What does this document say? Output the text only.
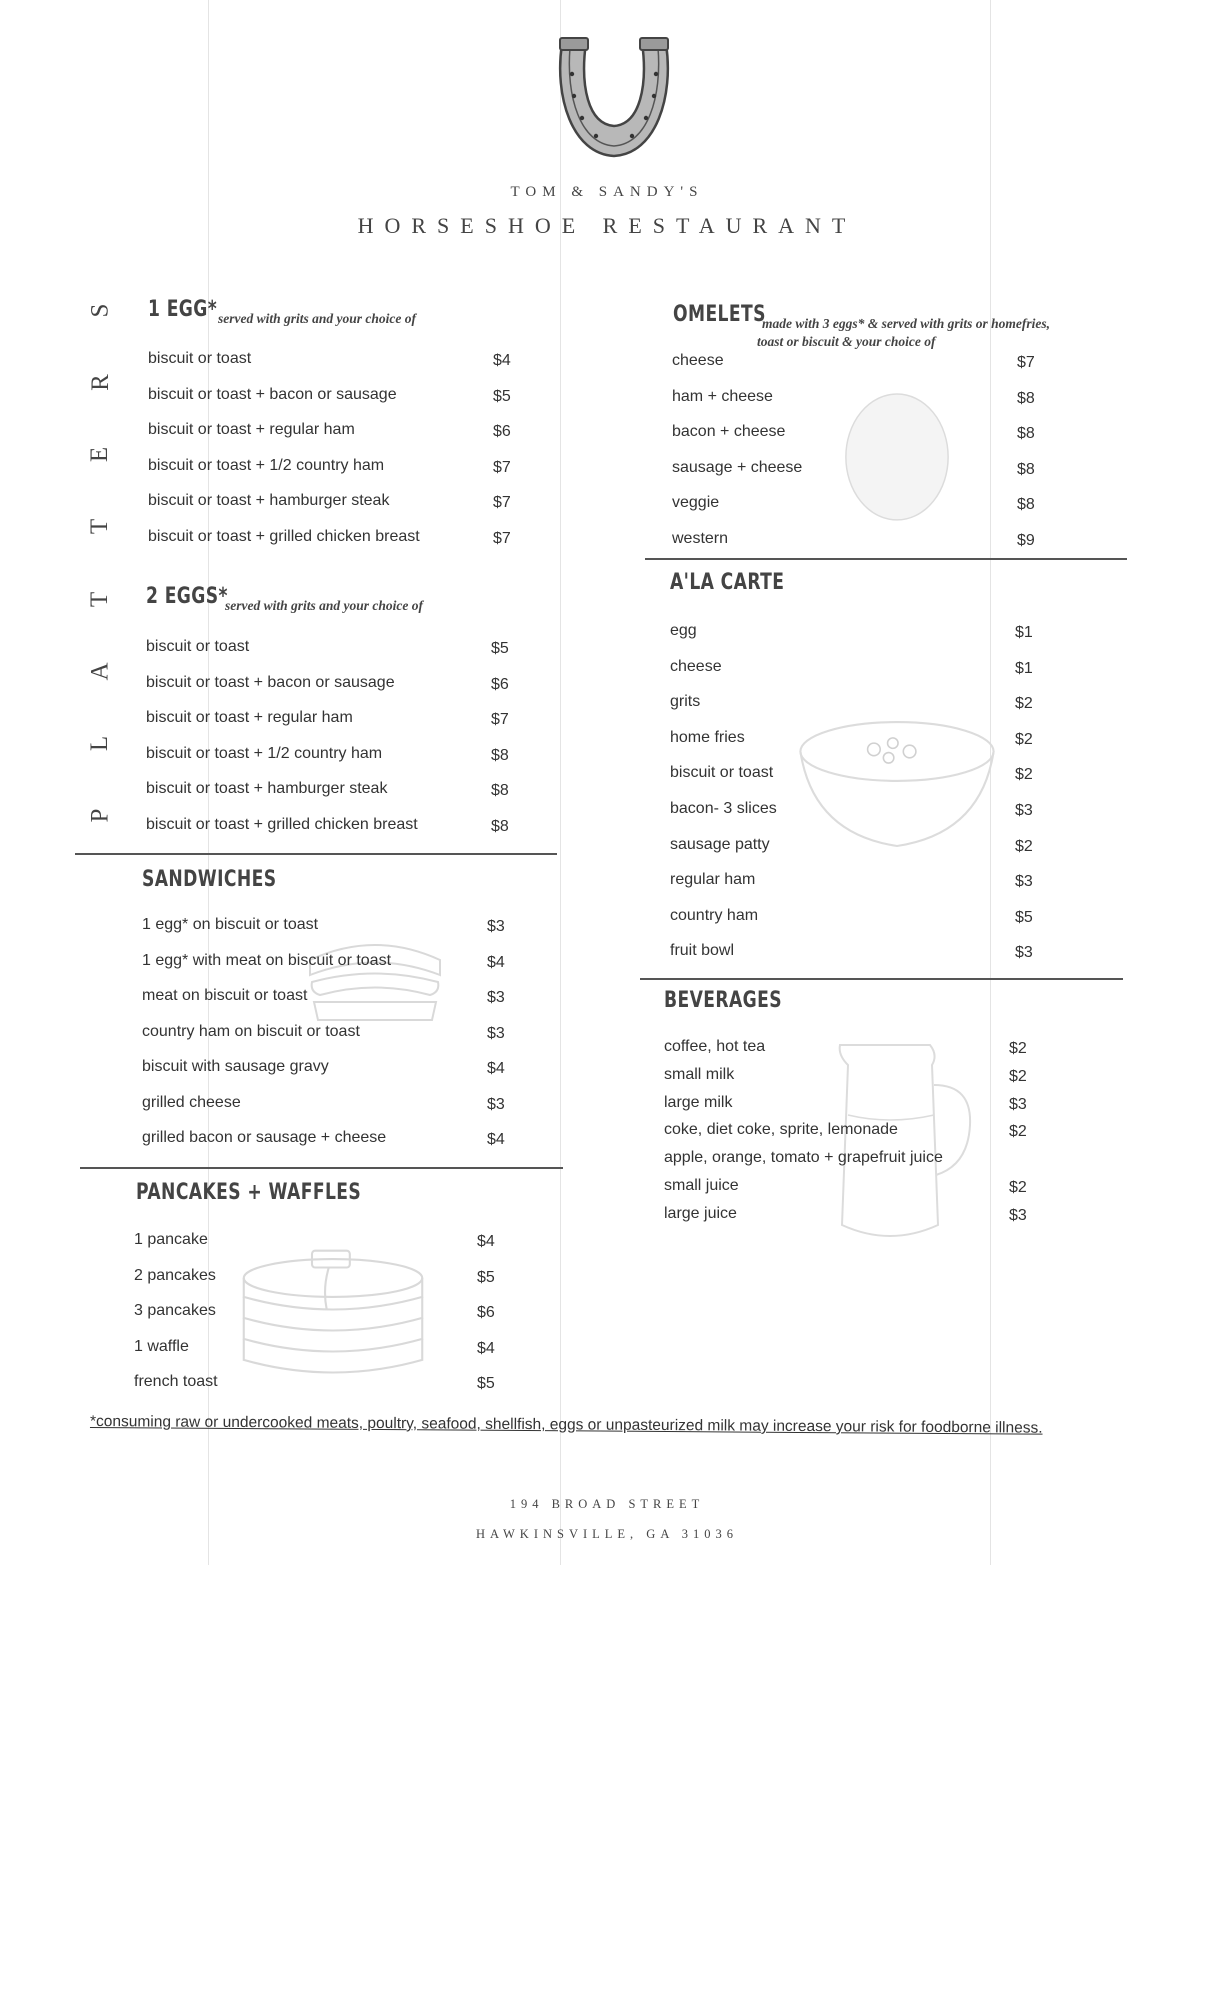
TOM & SANDY'S
HORSESHOE RESTAURANT
S
R
E
T
T
A
L
P
1 EGG* served with grits and your choice of
biscuit or toast	$4
biscuit or toast + bacon or sausage	$5
biscuit or toast + regular ham	$6
biscuit or toast + 1/2 country ham	$7
biscuit or toast + hamburger steak	$7
biscuit or toast + grilled chicken breast	$7
2 EGGS*
served with grits and your choice of
biscuit or toast	$5
biscuit or toast + bacon or sausage	$6
biscuit or toast + regular ham	$7
biscuit or toast + 1/2 country ham	$8
biscuit or toast + hamburger steak	$8
biscuit or toast + grilled chicken breast	$8
SANDWICHES
1 egg* on biscuit or toast	$3
1 egg* with meat on biscuit or toast	$4
meat on biscuit or toast	$3
country ham on biscuit or toast	$3
biscuit with sausage gravy	$4
grilled cheese	$3
grilled bacon or sausage + cheese	$4
PANCAKES + WAFFLES
1 pancake	$4
2 pancakes	$5
3 pancakes	$6
1 waffle	$4
french toast	$5
OMELETS
made with 3 eggs* & served with grits or homefries,
toast or biscuit & your choice of
cheese	$7
ham + cheese	$8
bacon + cheese	$8
sausage + cheese	$8
veggie	$8
western	$9
A'LA CARTE
egg	$1
cheese	$1
grits	$2
home fries	$2
biscuit or toast	$2
bacon- 3 slices	$3
sausage patty	$2
regular ham	$3
country ham	$5
fruit bowl	$3
BEVERAGES
coffee, hot tea	$2
small milk	$2
large milk	$3
coke, diet coke, sprite, lemonade	$2
apple, orange, tomato + grapefruit juice
small juice	$2
large juice	$3
*consuming raw or undercooked meats, poultry, seafood, shellfish, eggs or unpasteurized milk may increase your risk for foodborne illness.
194 BROAD STREET
HAWKINSVILLE, GA 31036
